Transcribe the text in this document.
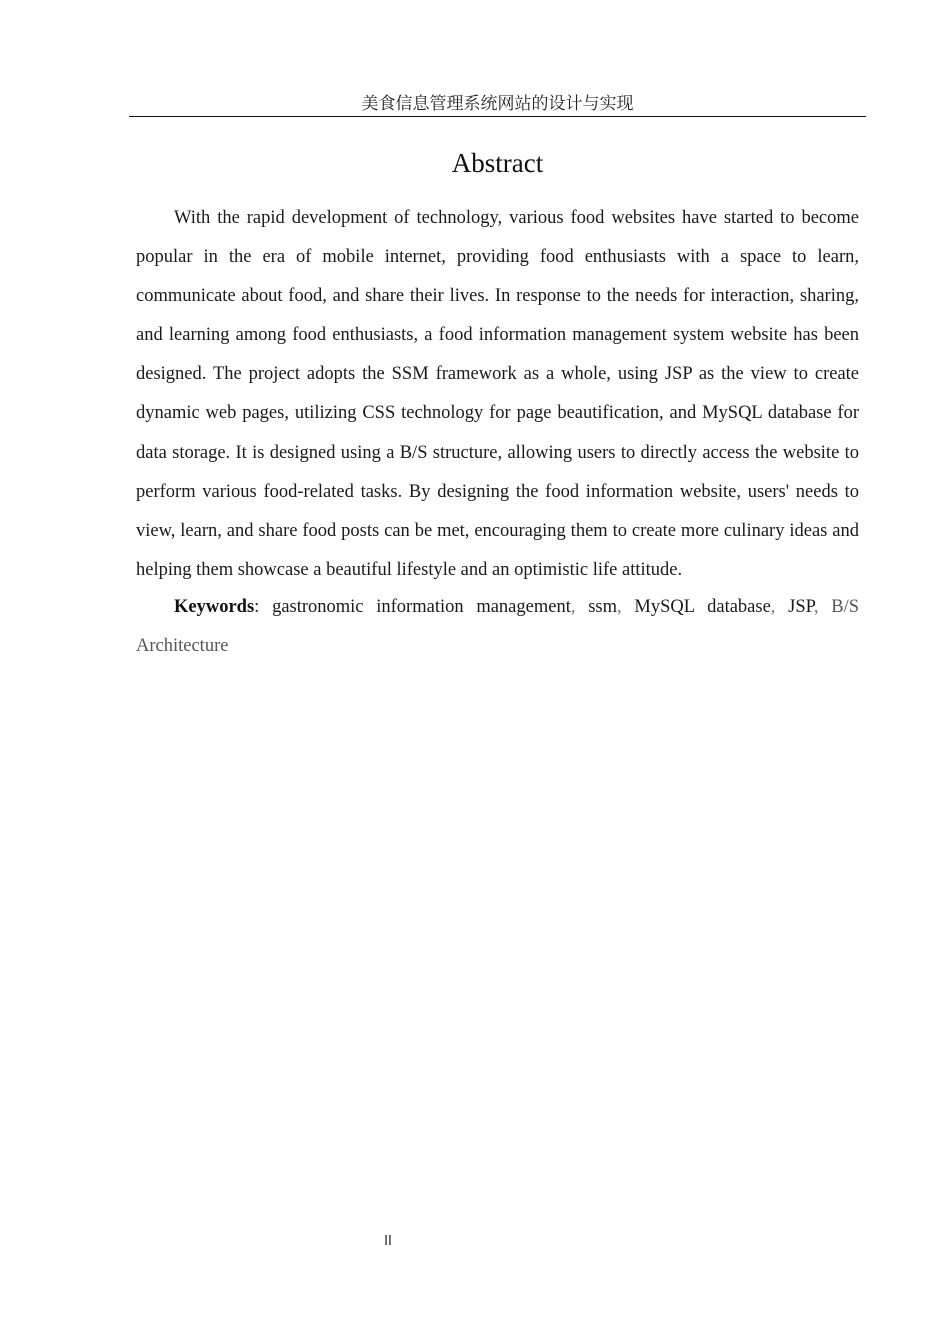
美食信息管理系统网站的设计与实现
Abstract

With the rapid development of technology, various food websites have started to become popular in the era of mobile internet, providing food enthusiasts with a space to learn, communicate about food, and share their lives. In response to the needs for interaction, sharing, and learning among food enthusiasts, a food information management system website has been designed. The project adopts the SSM framework as a whole, using JSP as the view to create dynamic web pages, utilizing CSS technology for page beautification, and MySQL database for data storage. It is designed using a B/S structure, allowing users to directly access the website to perform various food-related tasks. By designing the food information website, users' needs to view, learn, and share food posts can be met, encouraging them to create more culinary ideas and helping them showcase a beautiful lifestyle and an optimistic life attitude.

Keywords: gastronomic information management, ssm, MySQL database, JSP, B/S Architecture

II
